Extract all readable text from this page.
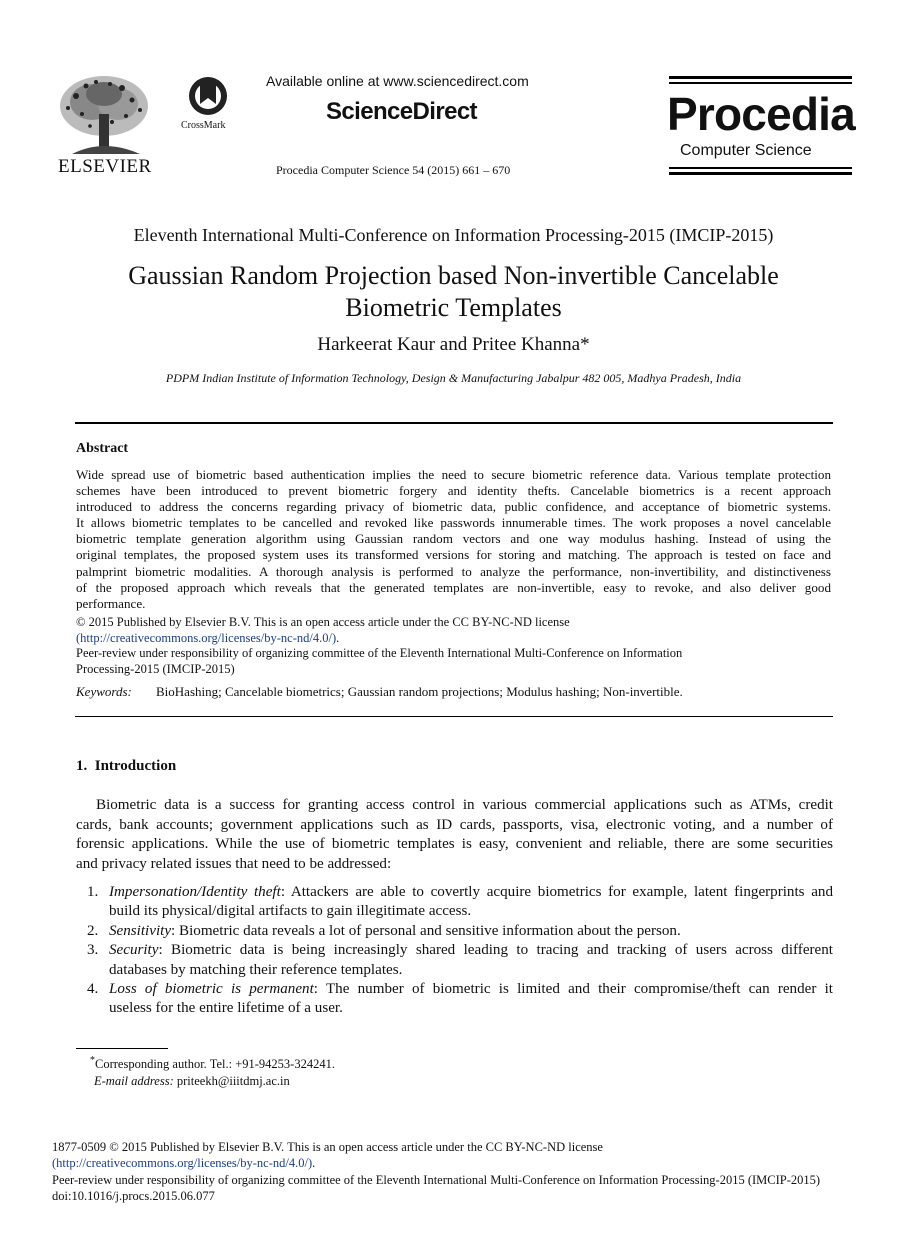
ELSEVIER
CrossMark
Available online at www.sciencedirect.com
ScienceDirect
Procedia Computer Science 54 (2015) 661 – 670
Procedia
Computer Science
Eleventh International Multi-Conference on Information Processing-2015 (IMCIP-2015)
Gaussian Random Projection based Non-invertible Cancelable
Biometric Templates
Harkeerat Kaur and Pritee Khanna*
PDPM Indian Institute of Information Technology, Design & Manufacturing Jabalpur 482 005, Madhya Pradesh, India
Abstract
Wide spread use of biometric based authentication implies the need to secure biometric reference data. Various template protection
schemes have been introduced to prevent biometric forgery and identity thefts. Cancelable biometrics is a recent approach
introduced to address the concerns regarding privacy of biometric data, public confidence, and acceptance of biometric systems.
It allows biometric templates to be cancelled and revoked like passwords innumerable times. The work proposes a novel cancelable
biometric template generation algorithm using Gaussian random vectors and one way modulus hashing. Instead of using the
original templates, the proposed system uses its transformed versions for storing and matching. The approach is tested on face and
palmprint biometric modalities. A thorough analysis is performed to analyze the performance, non-invertibility, and distinctiveness
of the proposed approach which reveals that the generated templates are non-invertible, easy to revoke, and also deliver good
performance.
© 2015 Published by Elsevier B.V. This is an open access article under the CC BY-NC-ND license
(http://creativecommons.org/licenses/by-nc-nd/4.0/).
Peer-review under responsibility of organizing committee of the Eleventh International Multi-Conference on Information
Processing-2015 (IMCIP-2015)
Keywords: BioHashing; Cancelable biometrics; Gaussian random projections; Modulus hashing; Non-invertible.
1. Introduction
Biometric data is a success for granting access control in various commercial applications such as ATMs, credit
cards, bank accounts; government applications such as ID cards, passports, visa, electronic voting, and a number of
forensic applications. While the use of biometric templates is easy, convenient and reliable, there are some securities
and privacy related issues that need to be addressed:
1. Impersonation/Identity theft: Attackers are able to covertly acquire biometrics for example, latent fingerprints and
build its physical/digital artifacts to gain illegitimate access.
2. Sensitivity: Biometric data reveals a lot of personal and sensitive information about the person.
3. Security: Biometric data is being increasingly shared leading to tracing and tracking of users across different
databases by matching their reference templates.
4. Loss of biometric is permanent: The number of biometric is limited and their compromise/theft can render it
useless for the entire lifetime of a user.
*Corresponding author. Tel.: +91-94253-324241.
E-mail address: priteekh@iiitdmj.ac.in
1877-0509 © 2015 Published by Elsevier B.V. This is an open access article under the CC BY-NC-ND license
(http://creativecommons.org/licenses/by-nc-nd/4.0/).
Peer-review under responsibility of organizing committee of the Eleventh International Multi-Conference on Information Processing-2015 (IMCIP-2015)
doi:10.1016/j.procs.2015.06.077
